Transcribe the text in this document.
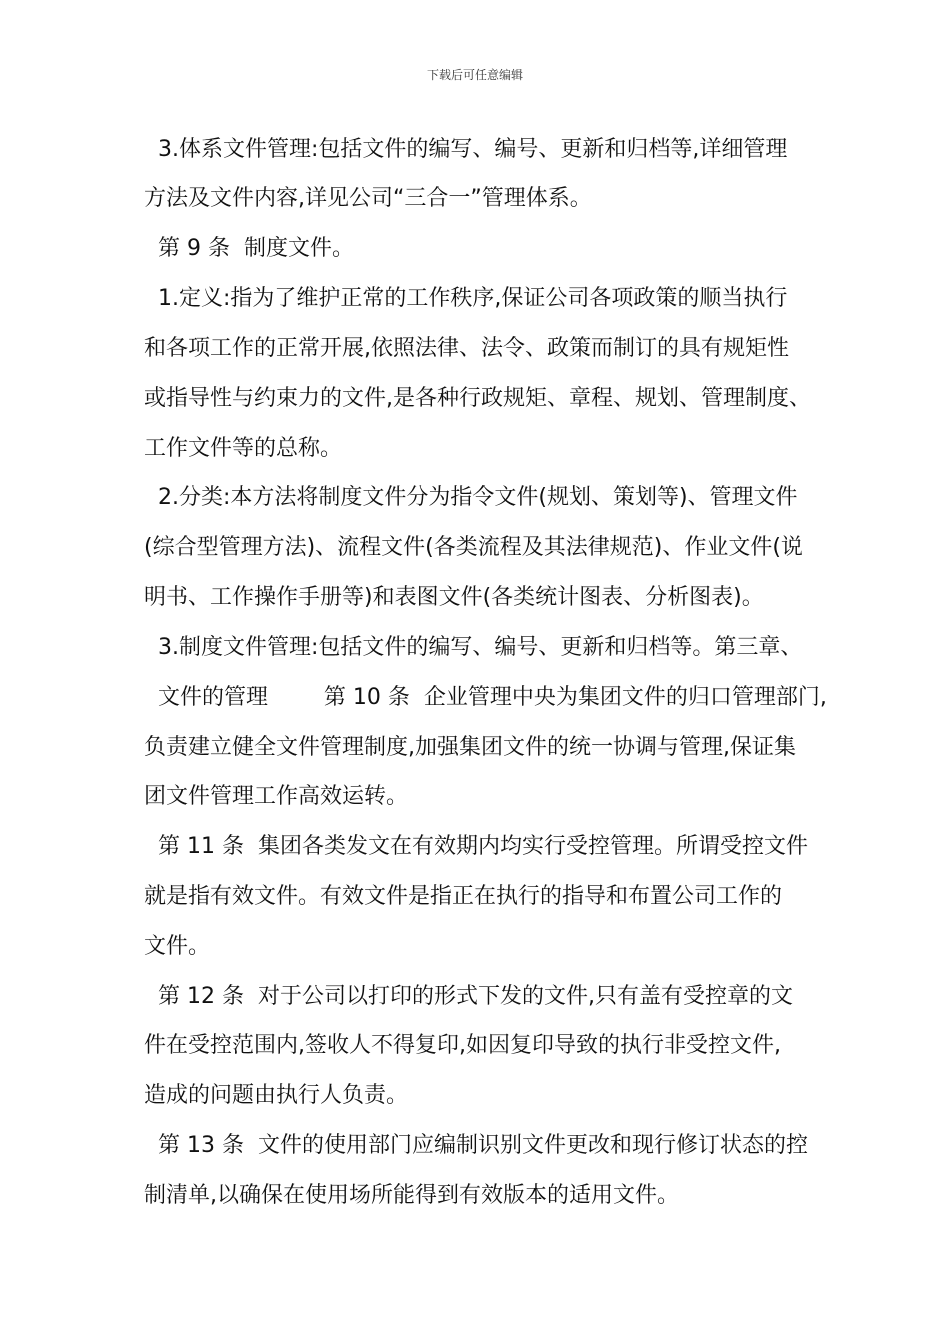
下载后可任意编辑
3.体系文件管理:包括文件的编写、编号、更新和归档等,详细管理
方法及文件内容,详见公司“三合一”管理体系。
第 9 条  制度文件。
1.定义:指为了维护正常的工作秩序,保证公司各项政策的顺当执行
和各项工作的正常开展,依照法律、法令、政策而制订的具有规矩性
或指导性与约束力的文件,是各种行政规矩、章程、规划、管理制度、
工作文件等的总称。
2.分类:本方法将制度文件分为指令文件(规划、策划等)、管理文件
(综合型管理方法)、流程文件(各类流程及其法律规范)、作业文件(说
明书、工作操作手册等)和表图文件(各类统计图表、分析图表)。
3.制度文件管理:包括文件的编写、编号、更新和归档等。第三章、
文件的管理        第 10 条  企业管理中央为集团文件的归口管理部门,
负责建立健全文件管理制度,加强集团文件的统一协调与管理,保证集
团文件管理工作高效运转。
第 11 条  集团各类发文在有效期内均实行受控管理。所谓受控文件
就是指有效文件。有效文件是指正在执行的指导和布置公司工作的
文件。
第 12 条  对于公司以打印的形式下发的文件,只有盖有受控章的文
件在受控范围内,签收人不得复印,如因复印导致的执行非受控文件,
造成的问题由执行人负责。
第 13 条  文件的使用部门应编制识别文件更改和现行修订状态的控
制清单,以确保在使用场所能得到有效版本的适用文件。
